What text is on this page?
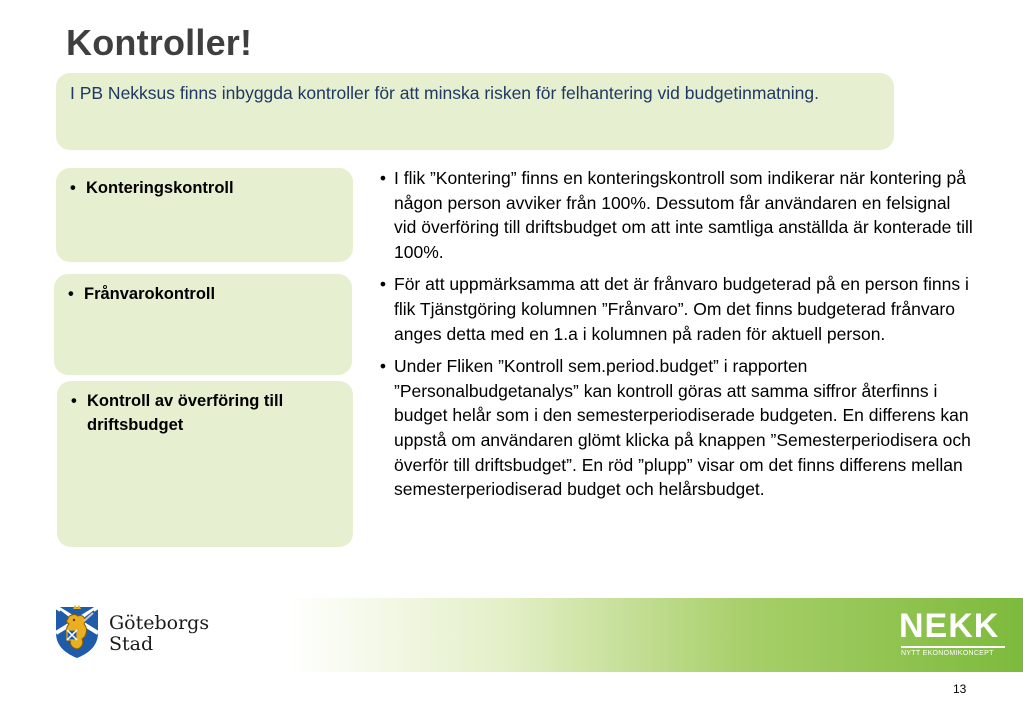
Kontroller!
I PB Nekksus finns inbyggda kontroller för att minska risken för felhantering vid budgetinmatning.
• Konteringskontroll
• Frånvarokontroll
• Kontroll av överföring till driftsbudget
• I flik ”Kontering” finns en konteringskontroll som indikerar när kontering på någon person avviker från 100%. Dessutom får användaren en felsignal vid överföring till driftsbudget om att inte samtliga anställda är konterade till 100%.
• För att uppmärksamma att det är frånvaro budgeterad på en person finns i flik Tjänstgöring kolumnen ”Frånvaro”. Om det finns budgeterad frånvaro anges detta med en 1.a i kolumnen på raden för aktuell person.
• Under Fliken ”Kontroll sem.period.budget” i rapporten ”Personalbudgetanalys” kan kontroll göras att samma siffror återfinns i budget helår som i den semesterperiodiserade budgeten. En differens kan uppstå om användaren glömt klicka på knappen ”Semesterperiodisera och överför till driftsbudget”. En röd ”plupp” visar om det finns differens mellan semesterperiodiserad budget och helårsbudget.
Göteborgs
Stad	NEKK
NYTT EKONOMIKONCEPT
13
